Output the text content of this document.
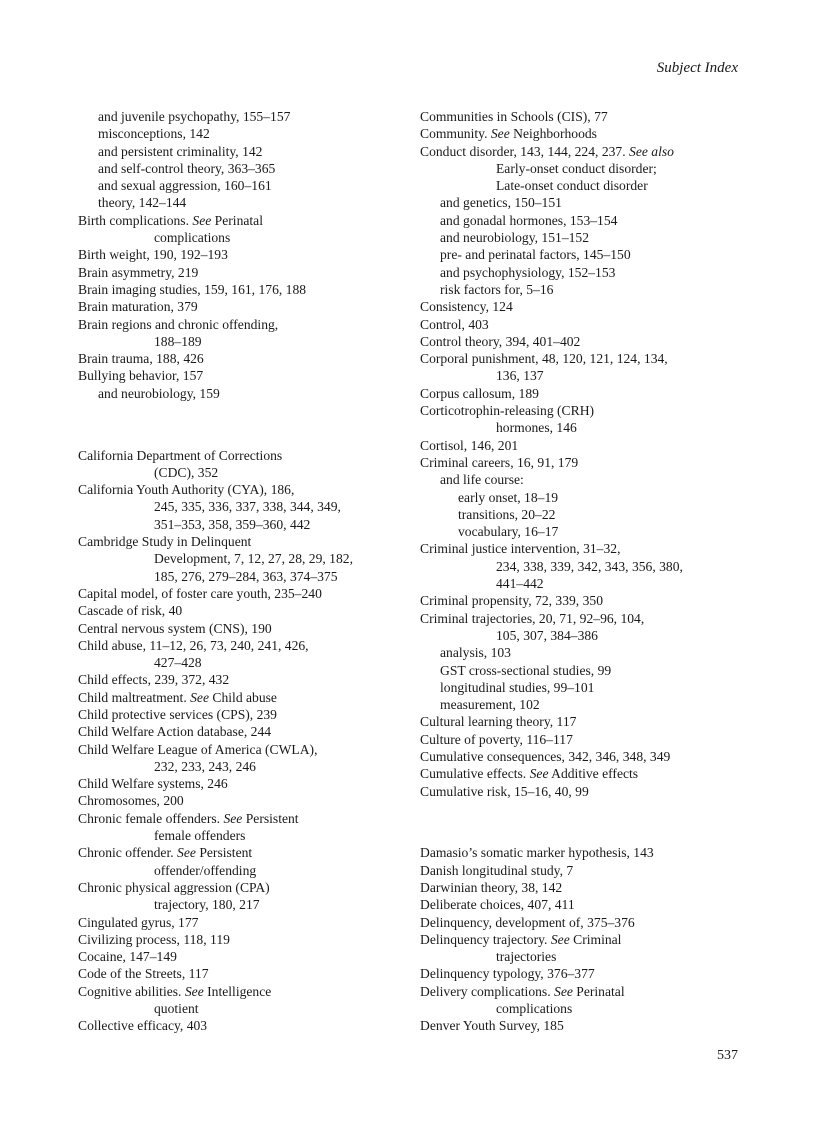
Subject Index

and juvenile psychopathy, 155–157

misconceptions, 142

and persistent criminality, 142

and self-control theory, 363–365

and sexual aggression, 160–161

theory, 142–144

Birth complications. See Perinatal

complications

Birth weight, 190, 192–193

Brain asymmetry, 219

Brain imaging studies, 159, 161, 176, 188

Brain maturation, 379

Brain regions and chronic offending,

188–189

Brain trauma, 188, 426

Bullying behavior, 157

and neurobiology, 159

California Department of Corrections

(CDC), 352

California Youth Authority (CYA), 186,

245, 335, 336, 337, 338, 344, 349,

351–353, 358, 359–360, 442

Cambridge Study in Delinquent

Development, 7, 12, 27, 28, 29, 182,

185, 276, 279–284, 363, 374–375

Capital model, of foster care youth, 235–240

Cascade of risk, 40

Central nervous system (CNS), 190

Child abuse, 11–12, 26, 73, 240, 241, 426,

427–428

Child effects, 239, 372, 432

Child maltreatment. See Child abuse

Child protective services (CPS), 239

Child Welfare Action database, 244

Child Welfare League of America (CWLA),

232, 233, 243, 246

Child Welfare systems, 246

Chromosomes, 200

Chronic female offenders. See Persistent

female offenders

Chronic offender. See Persistent

offender/offending

Chronic physical aggression (CPA)

trajectory, 180, 217

Cingulated gyrus, 177

Civilizing process, 118, 119

Cocaine, 147–149

Code of the Streets, 117

Cognitive abilities. See Intelligence

quotient

Collective efficacy, 403

Communities in Schools (CIS), 77

Community. See Neighborhoods

Conduct disorder, 143, 144, 224, 237. See also

Early-onset conduct disorder;

Late-onset conduct disorder

and genetics, 150–151

and gonadal hormones, 153–154

and neurobiology, 151–152

pre- and perinatal factors, 145–150

and psychophysiology, 152–153

risk factors for, 5–16

Consistency, 124

Control, 403

Control theory, 394, 401–402

Corporal punishment, 48, 120, 121, 124, 134,

136, 137

Corpus callosum, 189

Corticotrophin-releasing (CRH)

hormones, 146

Cortisol, 146, 201

Criminal careers, 16, 91, 179

and life course:

early onset, 18–19

transitions, 20–22

vocabulary, 16–17

Criminal justice intervention, 31–32,

234, 338, 339, 342, 343, 356, 380,

441–442

Criminal propensity, 72, 339, 350

Criminal trajectories, 20, 71, 92–96, 104,

105, 307, 384–386

analysis, 103

GST cross-sectional studies, 99

longitudinal studies, 99–101

measurement, 102

Cultural learning theory, 117

Culture of poverty, 116–117

Cumulative consequences, 342, 346, 348, 349

Cumulative effects. See Additive effects

Cumulative risk, 15–16, 40, 99

Damasio’s somatic marker hypothesis, 143

Danish longitudinal study, 7

Darwinian theory, 38, 142

Deliberate choices, 407, 411

Delinquency, development of, 375–376

Delinquency trajectory. See Criminal

trajectories

Delinquency typology, 376–377

Delivery complications. See Perinatal

complications

Denver Youth Survey, 185

537
